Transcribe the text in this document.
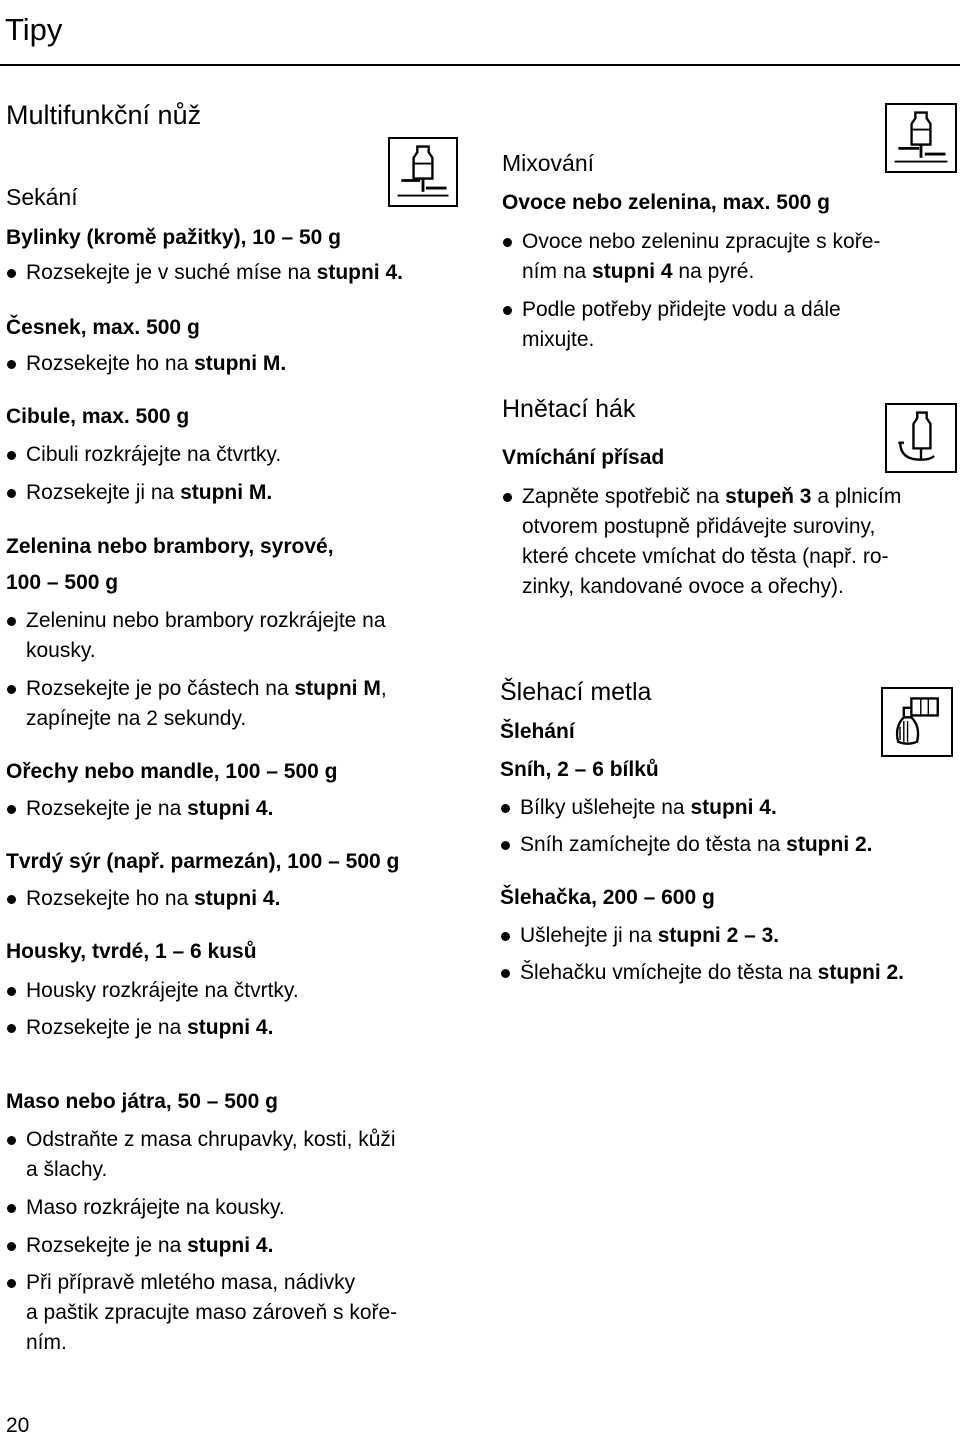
Tipy
Multifunkční nůž
Sekání
Bylinky (kromě pažitky), 10 – 50 g
Rozsekejte je v suché míse na stupni 4.
Česnek, max. 500 g
Rozsekejte ho na stupni M.
Cibule, max. 500 g
Cibuli rozkrájejte na čtvrtky.
Rozsekejte ji na stupni M.
Zelenina nebo brambory, syrové,
100 – 500 g
Zeleninu nebo brambory rozkrájejte na
kousky.
Rozsekejte je po částech na stupni M,
zapínejte na 2 sekundy.
Ořechy nebo mandle, 100 – 500 g
Rozsekejte je na stupni 4.
Tvrdý sýr (např. parmezán), 100 – 500 g
Rozsekejte ho na stupni 4.
Housky, tvrdé, 1 – 6 kusů
Housky rozkrájejte na čtvrtky.
Rozsekejte je na stupni 4.
Maso nebo játra, 50 – 500 g
Odstraňte z masa chrupavky, kosti, kůži
a šlachy.
Maso rozkrájejte na kousky.
Rozsekejte je na stupni 4.
Při přípravě mletého masa, nádivky
a paštik zpracujte maso zároveň s koře-
ním.
20
Mixování
Ovoce nebo zelenina, max. 500 g
Ovoce nebo zeleninu zpracujte s koře-
ním na stupni 4 na pyré.
Podle potřeby přidejte vodu a dále
mixujte.
Hnětací hák
Vmíchání přísad
Zapněte spotřebič na stupeň 3 a plnicím
otvorem postupně přidávejte suroviny,
které chcete vmíchat do těsta (např. ro-
zinky, kandované ovoce a ořechy).
Šlehací metla
Šlehání
Sníh, 2 – 6 bílků
Bílky ušlehejte na stupni 4.
Sníh zamíchejte do těsta na stupni 2.
Šlehačka, 200 – 600 g
Ušlehejte ji na stupni 2 – 3.
Šlehačku vmíchejte do těsta na stupni 2.
